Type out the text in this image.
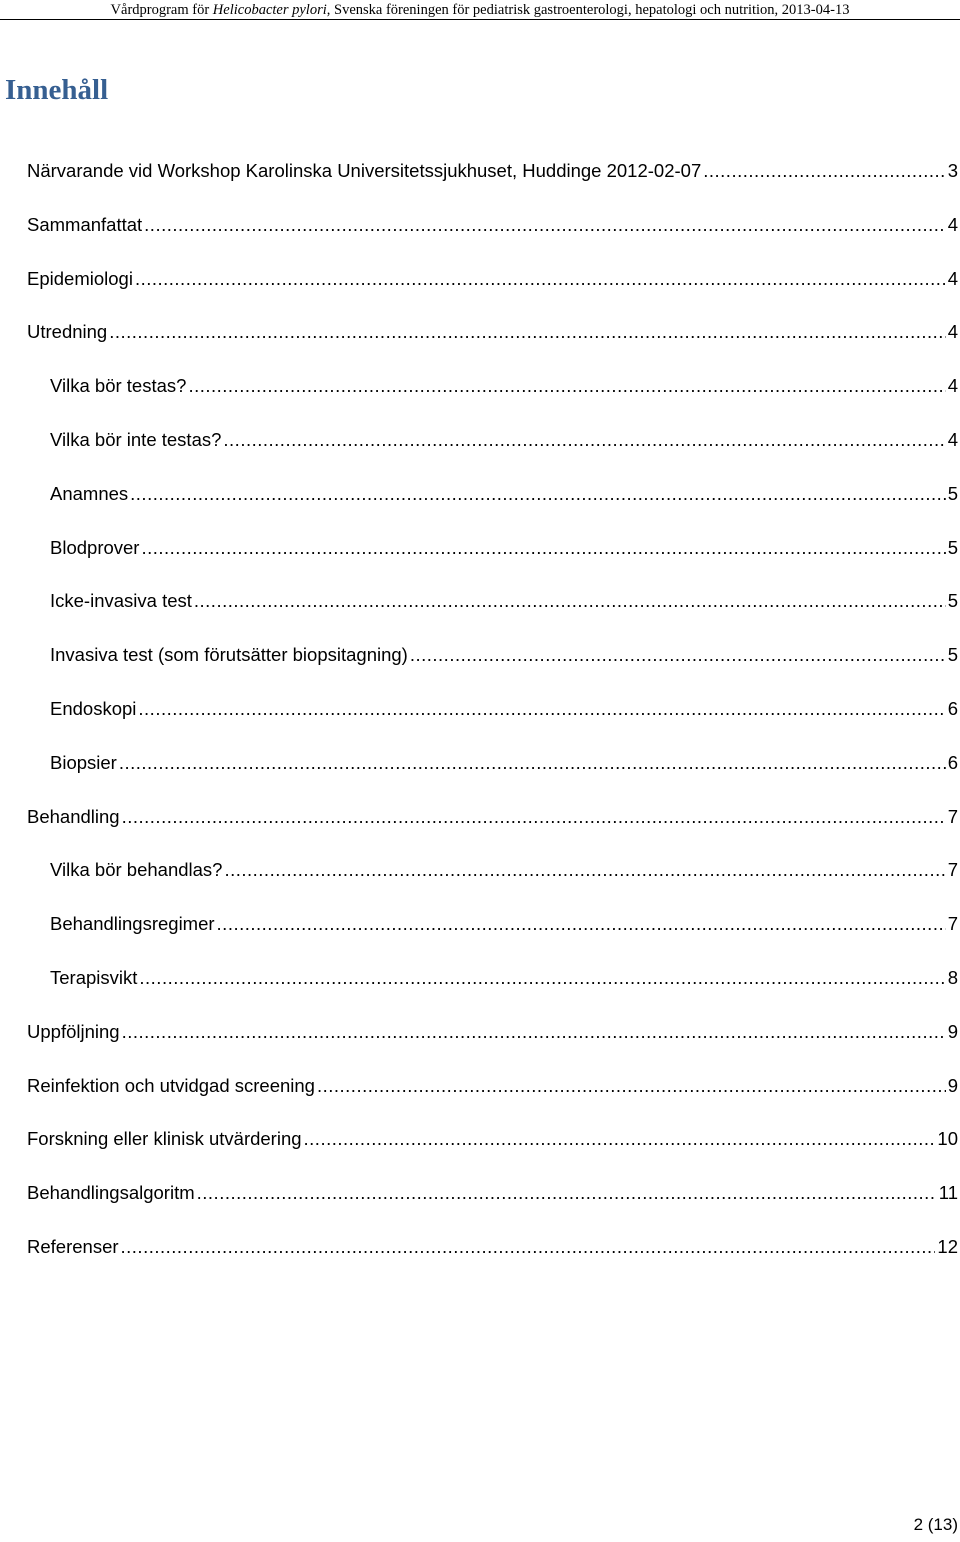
Vårdprogram för Helicobacter pylori, Svenska föreningen för pediatrisk gastroenterologi, hepatologi och nutrition, 2013-04-13
Innehåll
Närvarande vid Workshop Karolinska Universitetssjukhuset, Huddinge 2012-02-07 .....	3
Sammanfattat .....	4
Epidemiologi .....	4
Utredning .....	4
Vilka bör testas? .....	4
Vilka bör inte testas? .....	4
Anamnes .....	5
Blodprover .....	5
Icke-invasiva test .....	5
Invasiva test (som förutsätter biopsitagning) .....	5
Endoskopi .....	6
Biopsier .....	6
Behandling .....	7
Vilka bör behandlas? .....	7
Behandlingsregimer .....	7
Terapisvikt .....	8
Uppföljning .....	9
Reinfektion och utvidgad screening .....	9
Forskning eller klinisk utvärdering .....	10
Behandlingsalgoritm .....	11
Referenser .....	12
2 (13)
